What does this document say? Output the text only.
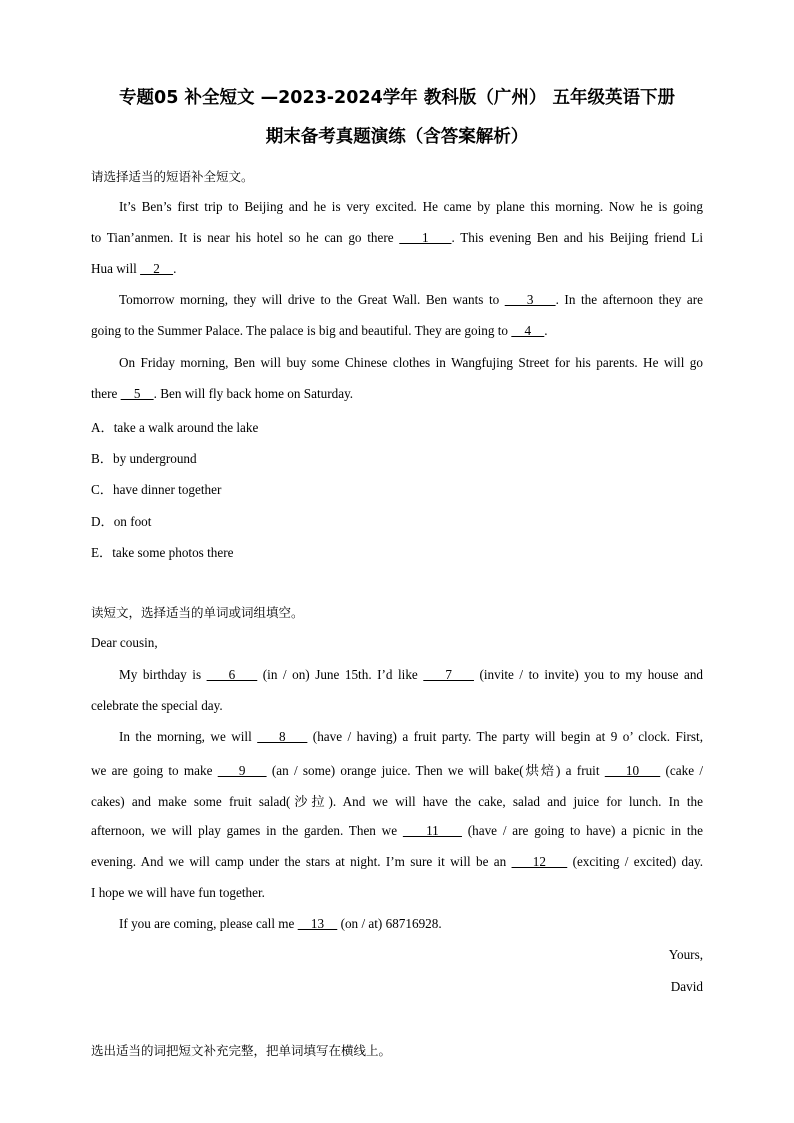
专题05 补全短文 —2023-2024学年 教科版（广州） 五年级英语下册
期末备考真题演练（含答案解析）
请选择适当的短语补全短文。
It’s Ben’s first trip to Beijing and he is very excited. He came by plane this morning. Now he is going
to Tian’anmen. It is near his hotel so he can go there     1    . This evening Ben and his Beijing friend Li
Hua will     2    .
Tomorrow morning, they will drive to the Great Wall. Ben wants to     3    . In the afternoon they are
going to the Summer Palace. The palace is big and beautiful. They are going to     4    .
On Friday morning, Ben will buy some Chinese clothes in Wangfujing Street for his parents. He will go
there     5    . Ben will fly back home on Saturday.
A．take a walk around the lake
B．by underground
C．have dinner together
D．on foot
E．take some photos there
读短文，选择适当的单词或词组填空。
Dear cousin,
My birthday is     6     (in / on) June 15th. I’d like     7     (invite / to invite) you to my house and
celebrate the special day.
In the morning, we will     8     (have / having) a fruit party. The party will begin at 9 o’ clock. First,
we are going to make     9     (an / some) orange juice. Then we will bake(烘焙) a fruit     10     (cake /
cakes) and make some fruit salad(沙拉). And we will have the cake, salad and juice for lunch. In the
afternoon, we will play games in the garden. Then we     11     (have / are going to have) a picnic in the
evening. And we will camp under the stars at night. I’m sure it will be an     12     (exciting / excited) day.
I hope we will have fun together.
If you are coming, please call me     13     (on / at) 68716928.
Yours,
David
选出适当的词把短文补充完整，把单词填写在横线上。
